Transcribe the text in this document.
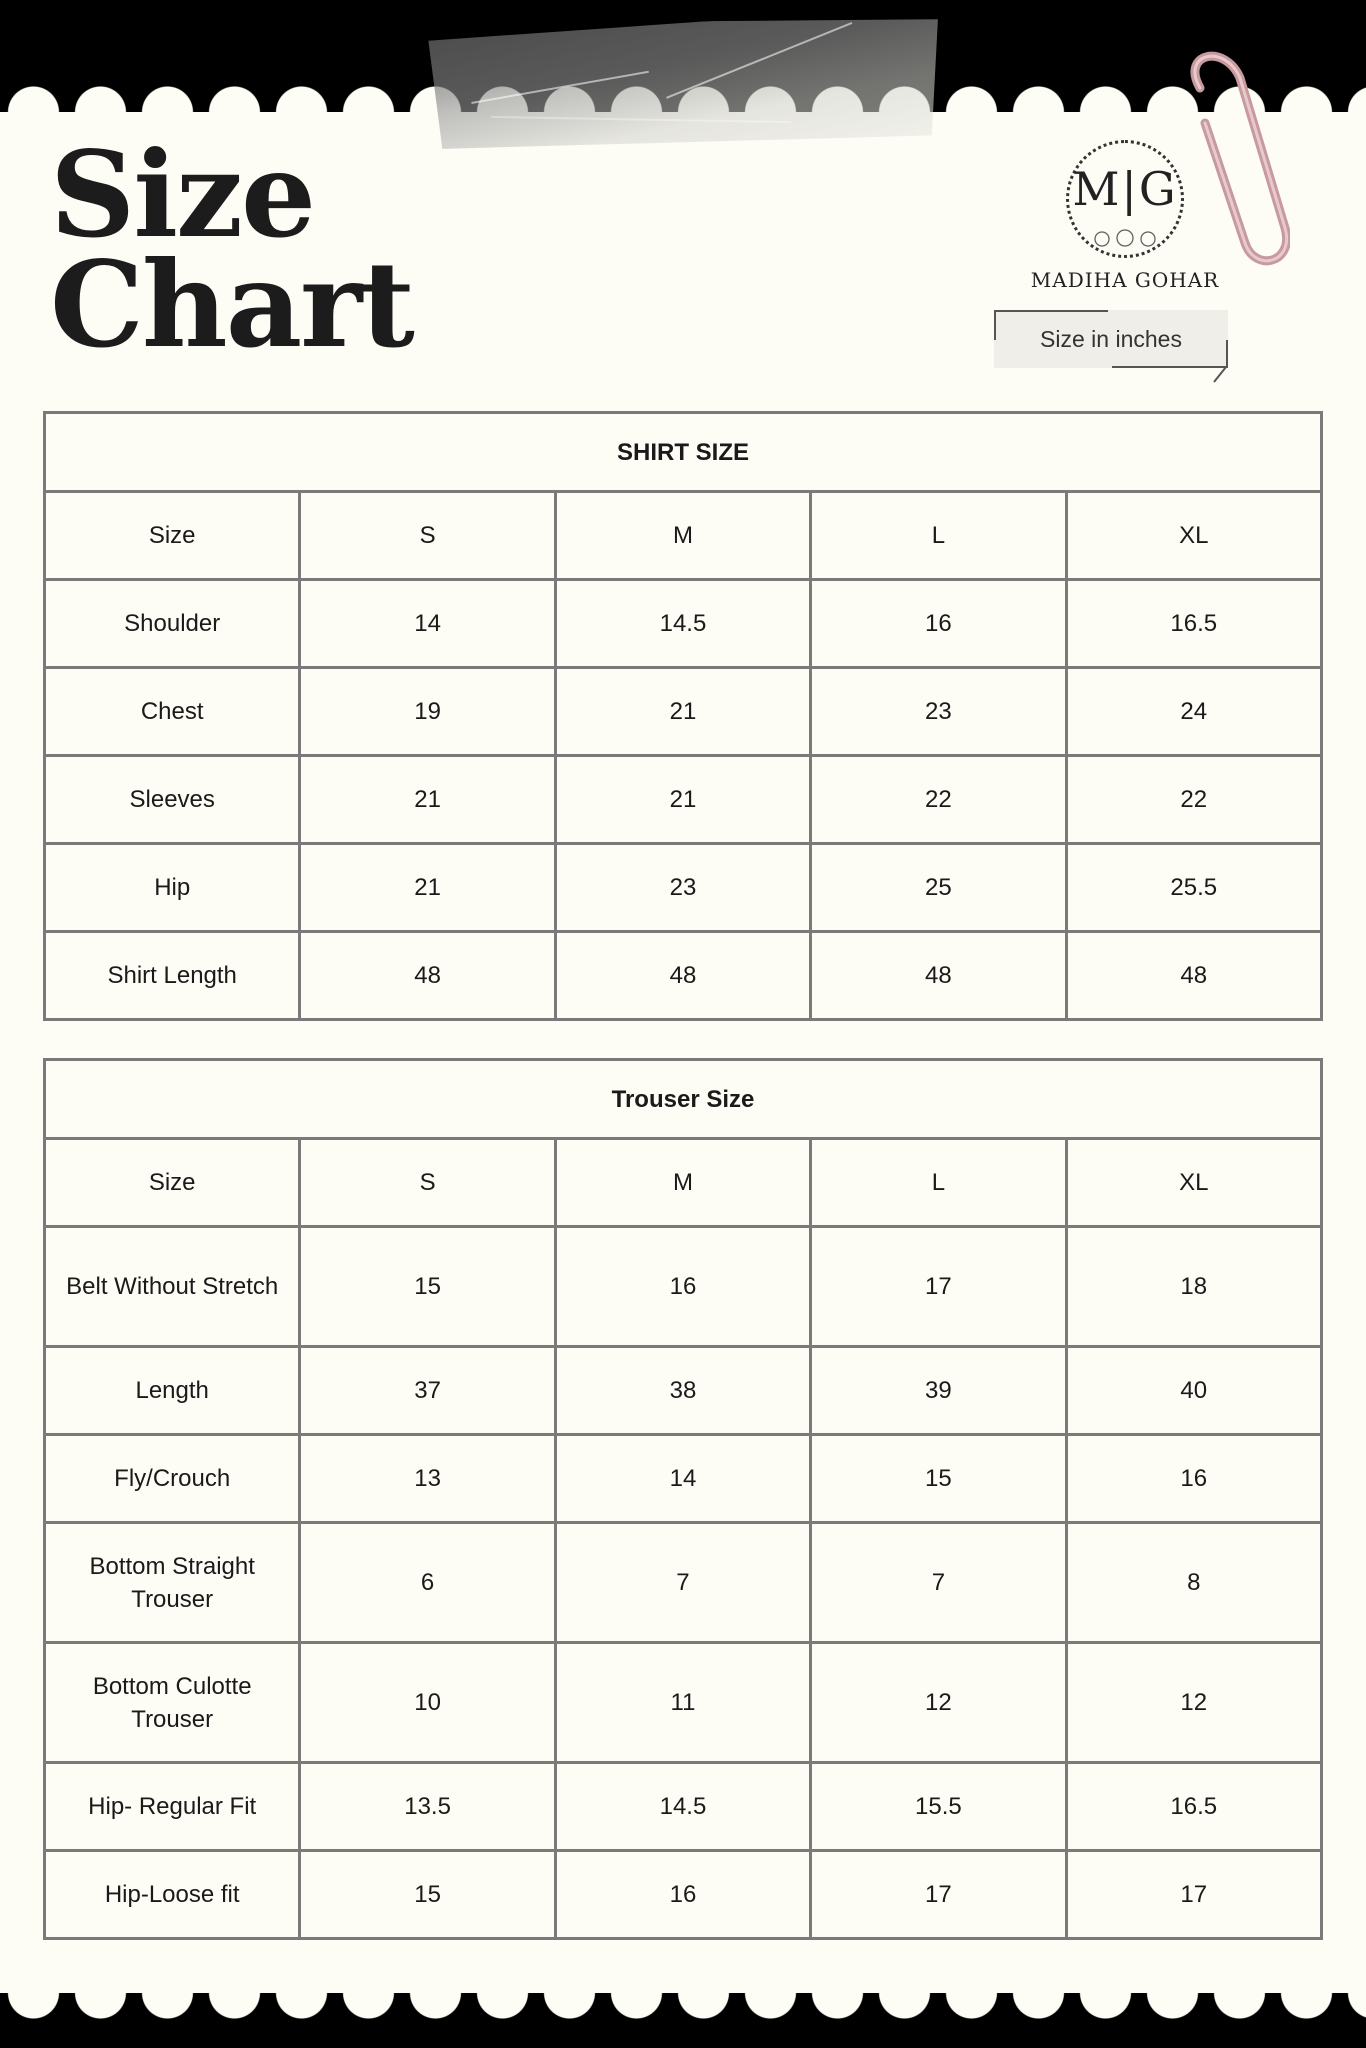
Size
Chart
M|G
MADIHA GOHAR
Size in inches
SHIRT SIZE				
Size	S	M	L	XL
Shoulder	14	14.5	16	16.5
Chest	19	21	23	24
Sleeves	21	21	22	22
Hip	21	23	25	25.5
Shirt Length	48	48	48	48
Trouser Size				
Size	S	M	L	XL
Belt Without Stretch	15	16	17	18
Length	37	38	39	40
Fly/Crouch	13	14	15	16
Bottom Straight Trouser	6	7	7	8
Bottom Culotte Trouser	10	11	12	12
Hip- Regular Fit	13.5	14.5	15.5	16.5
Hip-Loose fit	15	16	17	17
